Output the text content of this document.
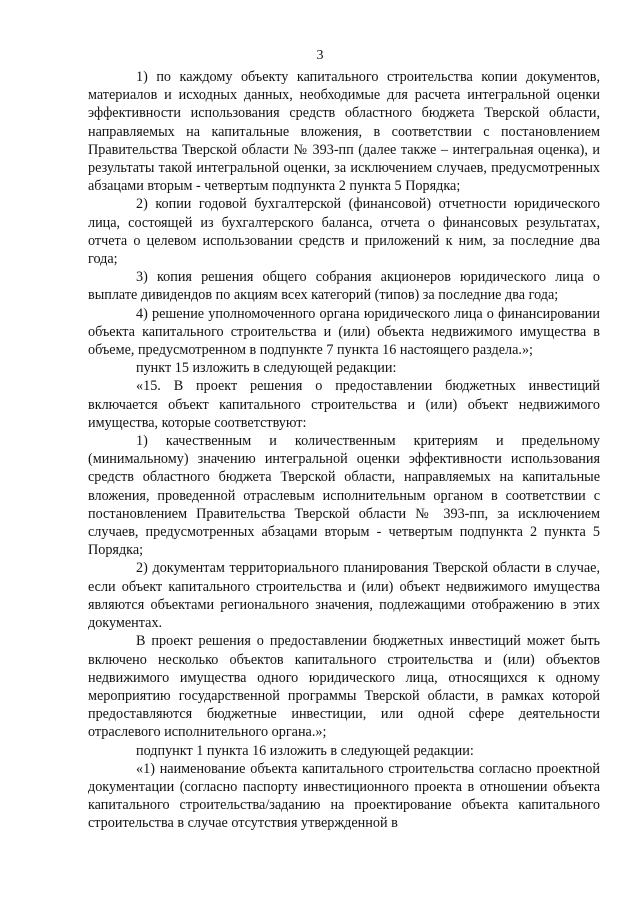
3

1) по каждому объекту капитального строительства копии документов, материалов и исходных данных, необходимые для расчета интегральной оценки эффективности использования средств областного бюджета Тверской области, направляемых на капитальные вложения, в соответствии с постановлением Правительства Тверской области № 393-пп (далее также – интегральная оценка), и результаты такой интегральной оценки, за исключением случаев, предусмотренных абзацами вторым - четвертым подпункта 2 пункта 5 Порядка;

2) копии годовой бухгалтерской (финансовой) отчетности юридического лица, состоящей из бухгалтерского баланса, отчета о финансовых результатах, отчета о целевом использовании средств и приложений к ним, за последние два года;

3) копия решения общего собрания акционеров юридического лица о выплате дивидендов по акциям всех категорий (типов) за последние два года;

4) решение уполномоченного органа юридического лица о финансировании объекта капитального строительства и (или) объекта недвижимого имущества в объеме, предусмотренном в подпункте 7 пункта 16 настоящего раздела.»;

пункт 15 изложить в следующей редакции:

«15. В проект решения о предоставлении бюджетных инвестиций включается объект капитального строительства и (или) объект недвижимого имущества, которые соответствуют:

1) качественным и количественным критериям и предельному (минимальному) значению интегральной оценки эффективности использования средств областного бюджета Тверской области, направляемых на капитальные вложения, проведенной отраслевым исполнительным органом в соответствии с постановлением Правительства Тверской области № 393-пп, за исключением случаев, предусмотренных абзацами вторым - четвертым подпункта 2 пункта 5 Порядка;

2) документам территориального планирования Тверской области в случае, если объект капитального строительства и (или) объект недвижимого имущества являются объектами регионального значения, подлежащими отображению в этих документах.

В проект решения о предоставлении бюджетных инвестиций может быть включено несколько объектов капитального строительства и (или) объектов недвижимого имущества одного юридического лица, относящихся к одному мероприятию государственной программы Тверской области, в рамках которой предоставляются бюджетные инвестиции, или одной сфере деятельности отраслевого исполнительного органа.»;

подпункт 1 пункта 16 изложить в следующей редакции:

«1) наименование объекта капитального строительства согласно проектной документации (согласно паспорту инвестиционного проекта в отношении объекта капитального строительства/заданию на проектирование объекта капитального строительства в случае отсутствия утвержденной в
